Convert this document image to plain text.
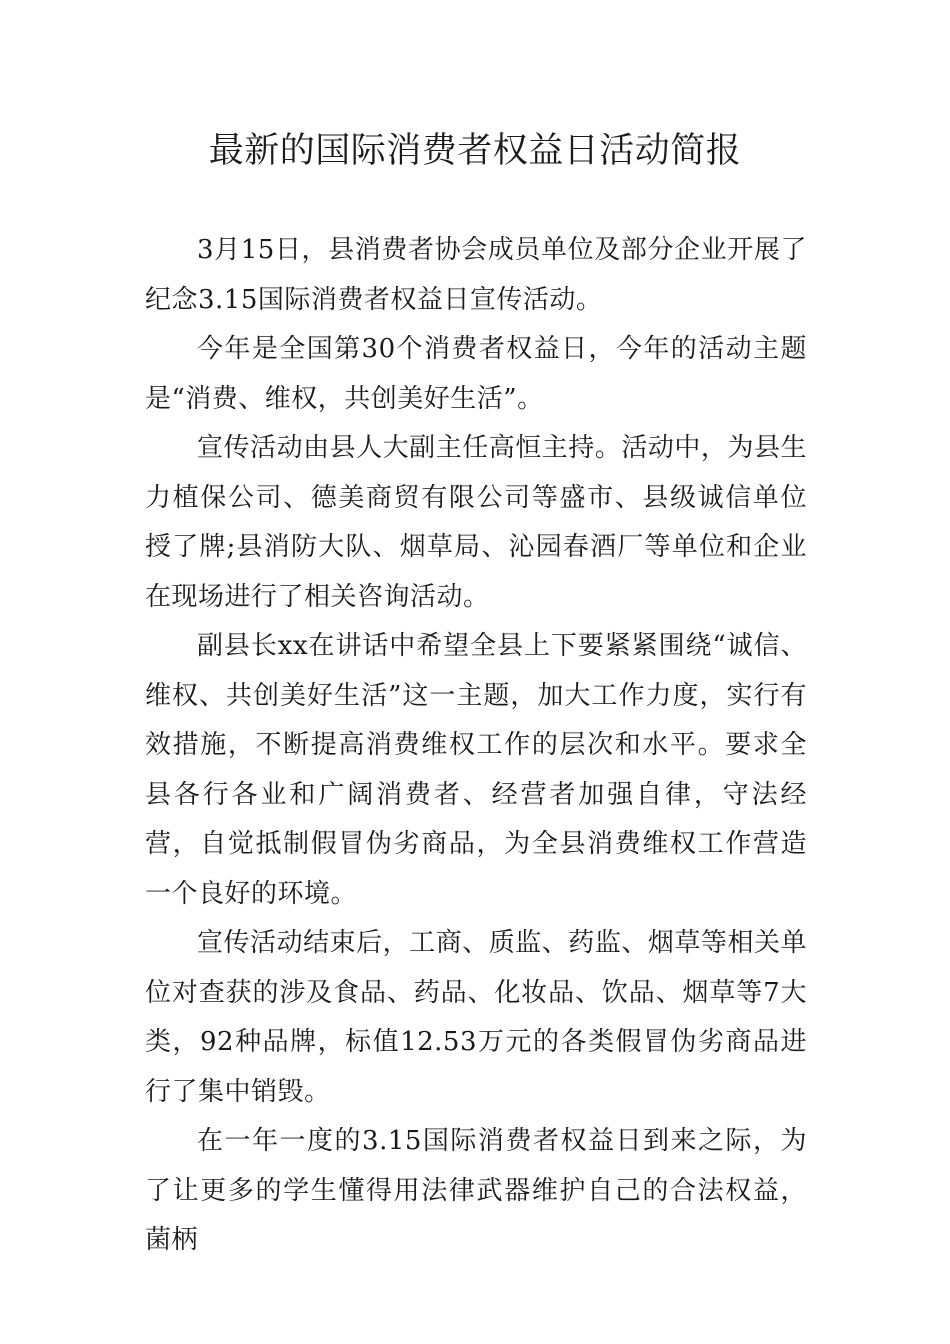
最新的国际消费者权益日活动简报

3月15日，县消费者协会成员单位及部分企业开展了纪念3.15国际消费者权益日宣传活动。

今年是全国第30个消费者权益日，今年的活动主题是“消费、维权，共创美好生活”。

宣传活动由县人大副主任高恒主持。活动中，为县生力植保公司、德美商贸有限公司等盛市、县级诚信单位授了牌;县消防大队、烟草局、沁园春酒厂等单位和企业在现场进行了相关咨询活动。

副县长xx在讲话中希望全县上下要紧紧围绕“诚信、维权、共创美好生活”这一主题，加大工作力度，实行有效措施，不断提高消费维权工作的层次和水平。要求全县各行各业和广阔消费者、经营者加强自律，守法经营，自觉抵制假冒伪劣商品，为全县消费维权工作营造一个良好的环境。

宣传活动结束后，工商、质监、药监、烟草等相关单位对查获的涉及食品、药品、化妆品、饮品、烟草等7大类，92种品牌，标值12.53万元的各类假冒伪劣商品进行了集中销毁。

在一年一度的3.15国际消费者权益日到来之际，为了让更多的学生懂得用法律武器维护自己的合法权益，菌柄
